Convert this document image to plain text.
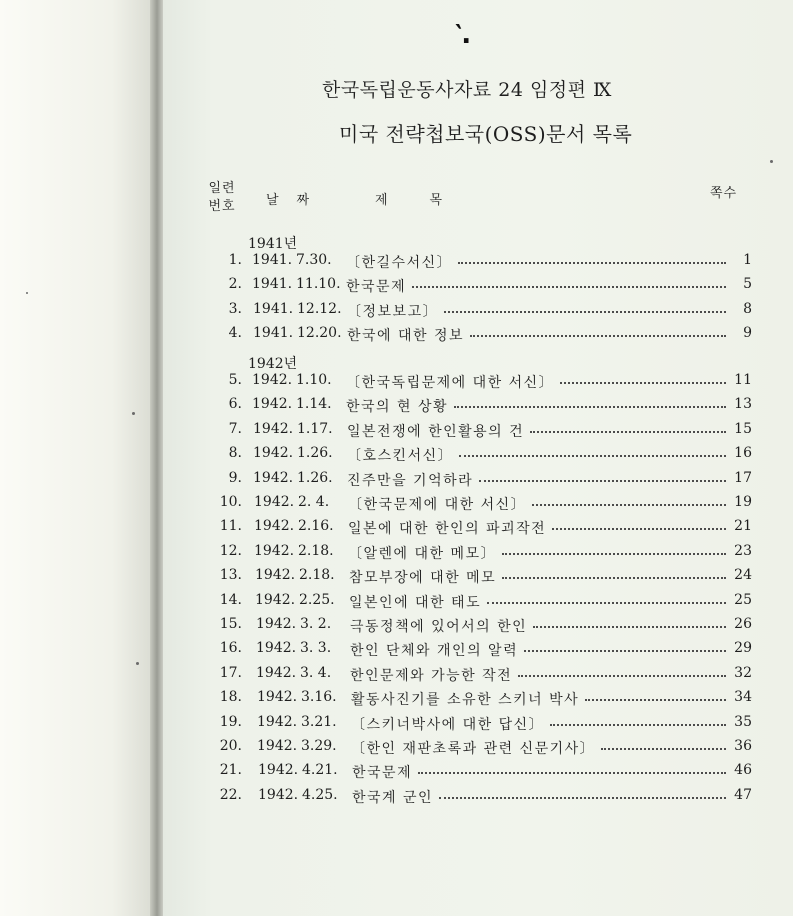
‵․
한국독립운동사자료 24 임정편 Ⅸ
미국 전략첩보국(OSS)문서 목록
일련
번호	날짜	제목	쪽수
1941년
1. 1941. 7.30. 〔한길수서신〕	1
2. 1941. 11.10. 한국문제	5
3. 1941. 12.12. 〔정보보고〕	8
4. 1941. 12.20. 한국에 대한 정보	9
1942년
5. 1942. 1.10. 〔한국독립문제에 대한 서신〕	11
6. 1942. 1.14. 한국의 현 상황	13
7. 1942. 1.17. 일본전쟁에 한인활용의 건	15
8. 1942. 1.26. 〔호스킨서신〕	16
9. 1942. 1.26. 진주만을 기억하라	17
10. 1942. 2. 4. 〔한국문제에 대한 서신〕	19
11. 1942. 2.16. 일본에 대한 한인의 파괴작전	21
12. 1942. 2.18. 〔알렌에 대한 메모〕	23
13. 1942. 2.18. 참모부장에 대한 메모	24
14. 1942. 2.25. 일본인에 대한 태도	25
15. 1942. 3. 2. 극동정책에 있어서의 한인	26
16. 1942. 3. 3. 한인 단체와 개인의 알력	29
17. 1942. 3. 4. 한인문제와 가능한 작전	32
18. 1942. 3.16. 활동사진기를 소유한 스키너 박사	34
19. 1942. 3.21. 〔스키너박사에 대한 답신〕	35
20. 1942. 3.29. 〔한인 재판초록과 관련 신문기사〕	36
21. 1942. 4.21. 한국문제	46
22. 1942. 4.25. 한국계 군인	47
